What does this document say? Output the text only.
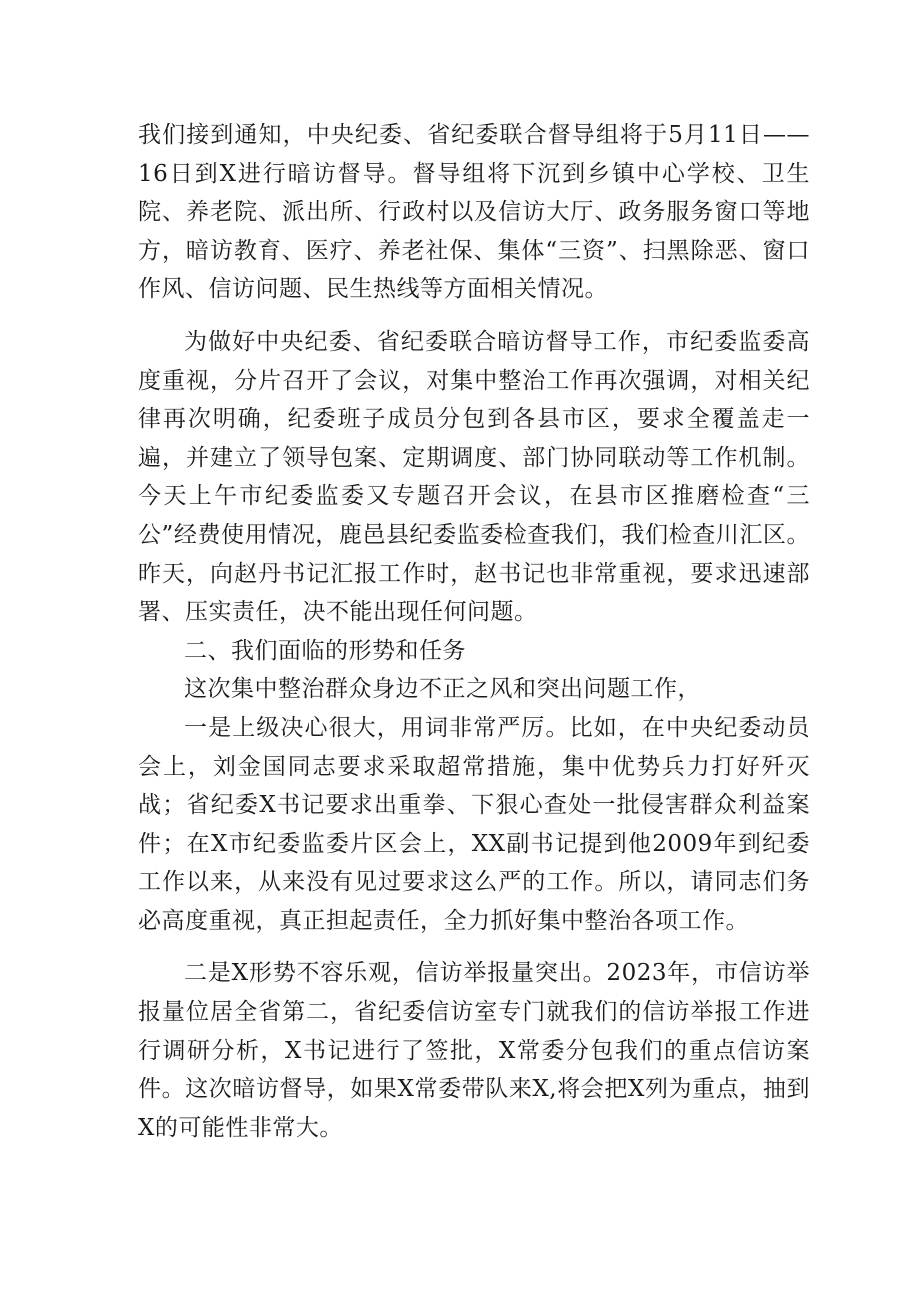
我们接到通知，中央纪委、省纪委联合督导组将于5月11日——16日到X进行暗访督导。督导组将下沉到乡镇中心学校、卫生院、养老院、派出所、行政村以及信访大厅、政务服务窗口等地方，暗访教育、医疗、养老社保、集体“三资”、扫黑除恶、窗口作风、信访问题、民生热线等方面相关情况。

为做好中央纪委、省纪委联合暗访督导工作，市纪委监委高度重视，分片召开了会议，对集中整治工作再次强调，对相关纪律再次明确，纪委班子成员分包到各县市区，要求全覆盖走一遍，并建立了领导包案、定期调度、部门协同联动等工作机制。今天上午市纪委监委又专题召开会议，在县市区推磨检查“三公”经费使用情况，鹿邑县纪委监委检查我们，我们检查川汇区。昨天，向赵丹书记汇报工作时，赵书记也非常重视，要求迅速部署、压实责任，决不能出现任何问题。

二、我们面临的形势和任务

这次集中整治群众身边不正之风和突出问题工作，

一是上级决心很大，用词非常严厉。比如，在中央纪委动员会上，刘金国同志要求采取超常措施，集中优势兵力打好歼灭战；省纪委X书记要求出重拳、下狠心查处一批侵害群众利益案件；在X市纪委监委片区会上，XX副书记提到他2009年到纪委工作以来，从来没有见过要求这么严的工作。所以，请同志们务必高度重视，真正担起责任，全力抓好集中整治各项工作。

二是X形势不容乐观，信访举报量突出。2023年，市信访举报量位居全省第二，省纪委信访室专门就我们的信访举报工作进行调研分析，X书记进行了签批，X常委分包我们的重点信访案件。这次暗访督导，如果X常委带队来X,将会把X列为重点，抽到X的可能性非常大。
